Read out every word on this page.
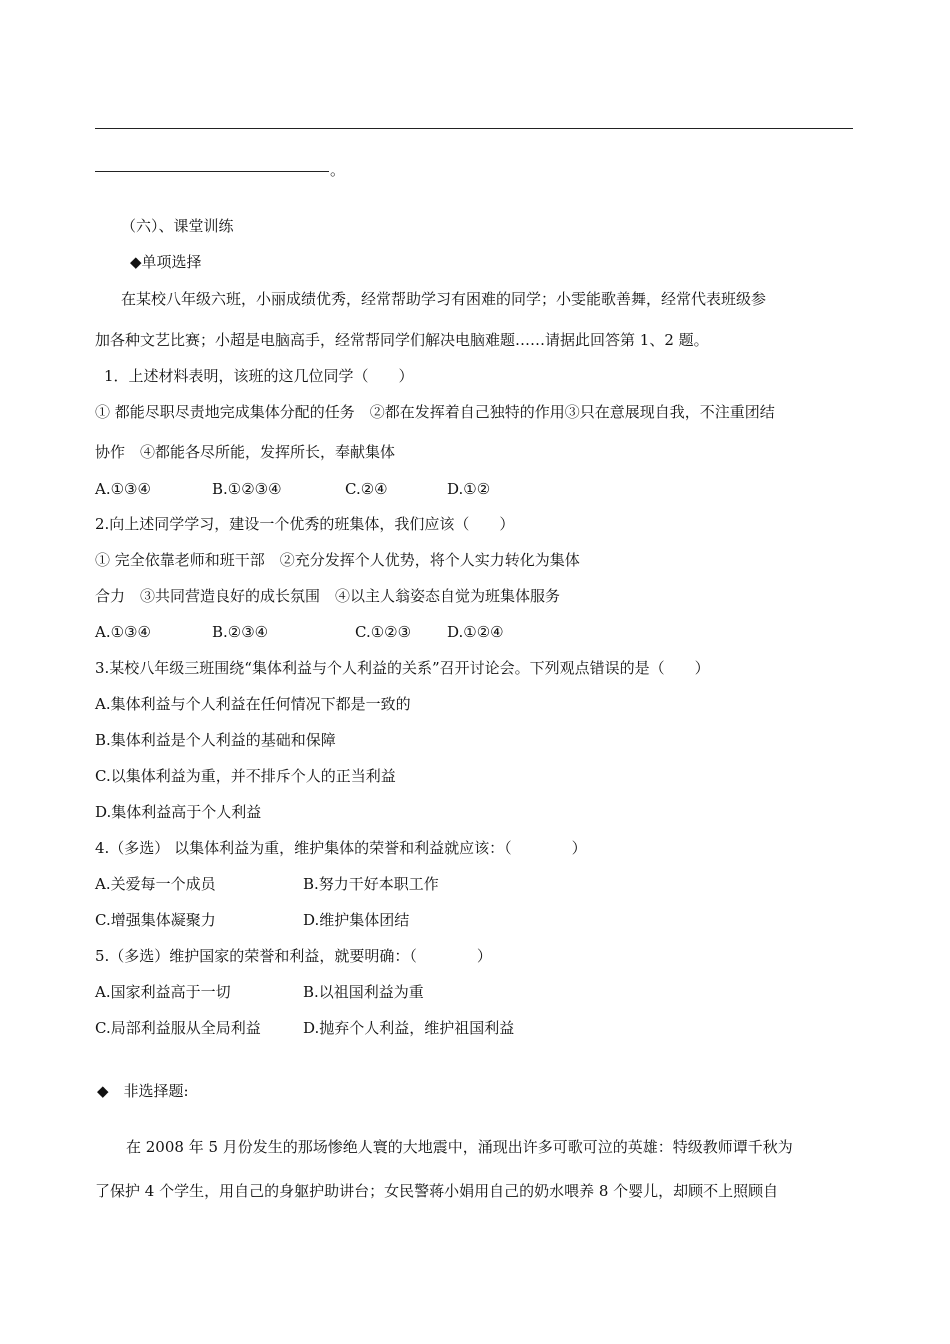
。
（六）、课堂训练
◆单项选择
在某校八年级六班，小丽成绩优秀，经常帮助学习有困难的同学；小雯能歌善舞，经常代表班级参
加各种文艺比赛；小超是电脑高手，经常帮同学们解决电脑难题……请据此回答第 1、2 题。
1．上述材料表明，该班的这几位同学（　　）
① 都能尽职尽责地完成集体分配的任务　②都在发挥着自己独特的作用③只在意展现自我，不注重团结
协作　④都能各尽所能，发挥所长，奉献集体
A.①③④	B.①②③④	C.②④	D.①②
2.向上述同学学习，建设一个优秀的班集体，我们应该（　　）
① 完全依靠老师和班干部　②充分发挥个人优势，将个人实力转化为集体
合力　③共同营造良好的成长氛围　④以主人翁姿态自觉为班集体服务
A.①③④	B.②③④	C.①②③ D.①②④
3.某校八年级三班围绕“集体利益与个人利益的关系”召开讨论会。下列观点错误的是（　　）
A.集体利益与个人利益在任何情况下都是一致的
B.集体利益是个人利益的基础和保障
C.以集体利益为重，并不排斥个人的正当利益
D.集体利益高于个人利益
4.（多选） 以集体利益为重，维护集体的荣誉和利益就应该：（　　　　）
A.关爱每一个成员	B.努力干好本职工作
C.增强集体凝聚力	D.维护集体团结
5.（多选）维护国家的荣誉和利益，就要明确：（　　　　）
A.国家利益高于一切	B.以祖国利益为重
C.局部利益服从全局利益	D.抛弃个人利益，维护祖国利益
◆　非选择题:
在 2008 年 5 月份发生的那场惨绝人寰的大地震中，涌现出许多可歌可泣的英雄：特级教师谭千秋为
了保护 4 个学生，用自己的身躯护助讲台；女民警蒋小娟用自己的奶水喂养 8 个婴儿，却顾不上照顾自
